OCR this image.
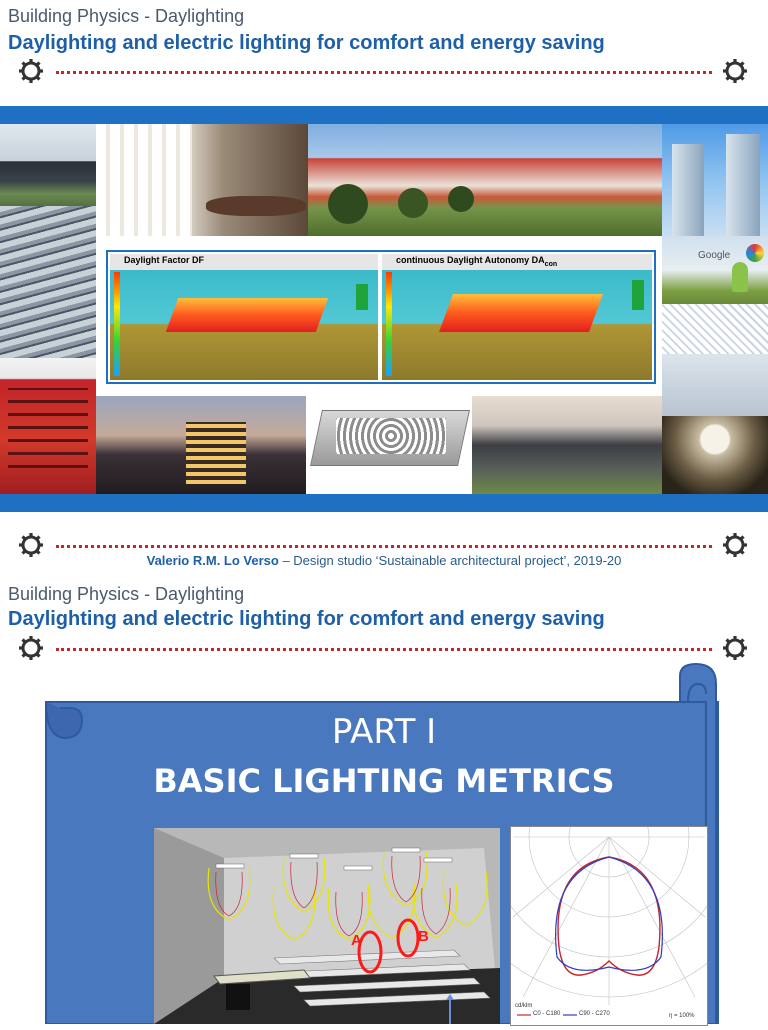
Building Physics - Daylighting
Daylighting and electric lighting for comfort and energy saving
Google
Daylight Factor DF	continuous Daylight Autonomy $DA_{con}$
Valerio R.M. Lo Verso – Design studio ‘Sustainable architectural project’, 2019-20
Building Physics - Daylighting
Daylighting and electric lighting for comfort and energy saving
PART I
BASIC LIGHTING METRICS
A	B
cd/klm
C0 - C180	C90 - C270	η = 100%
